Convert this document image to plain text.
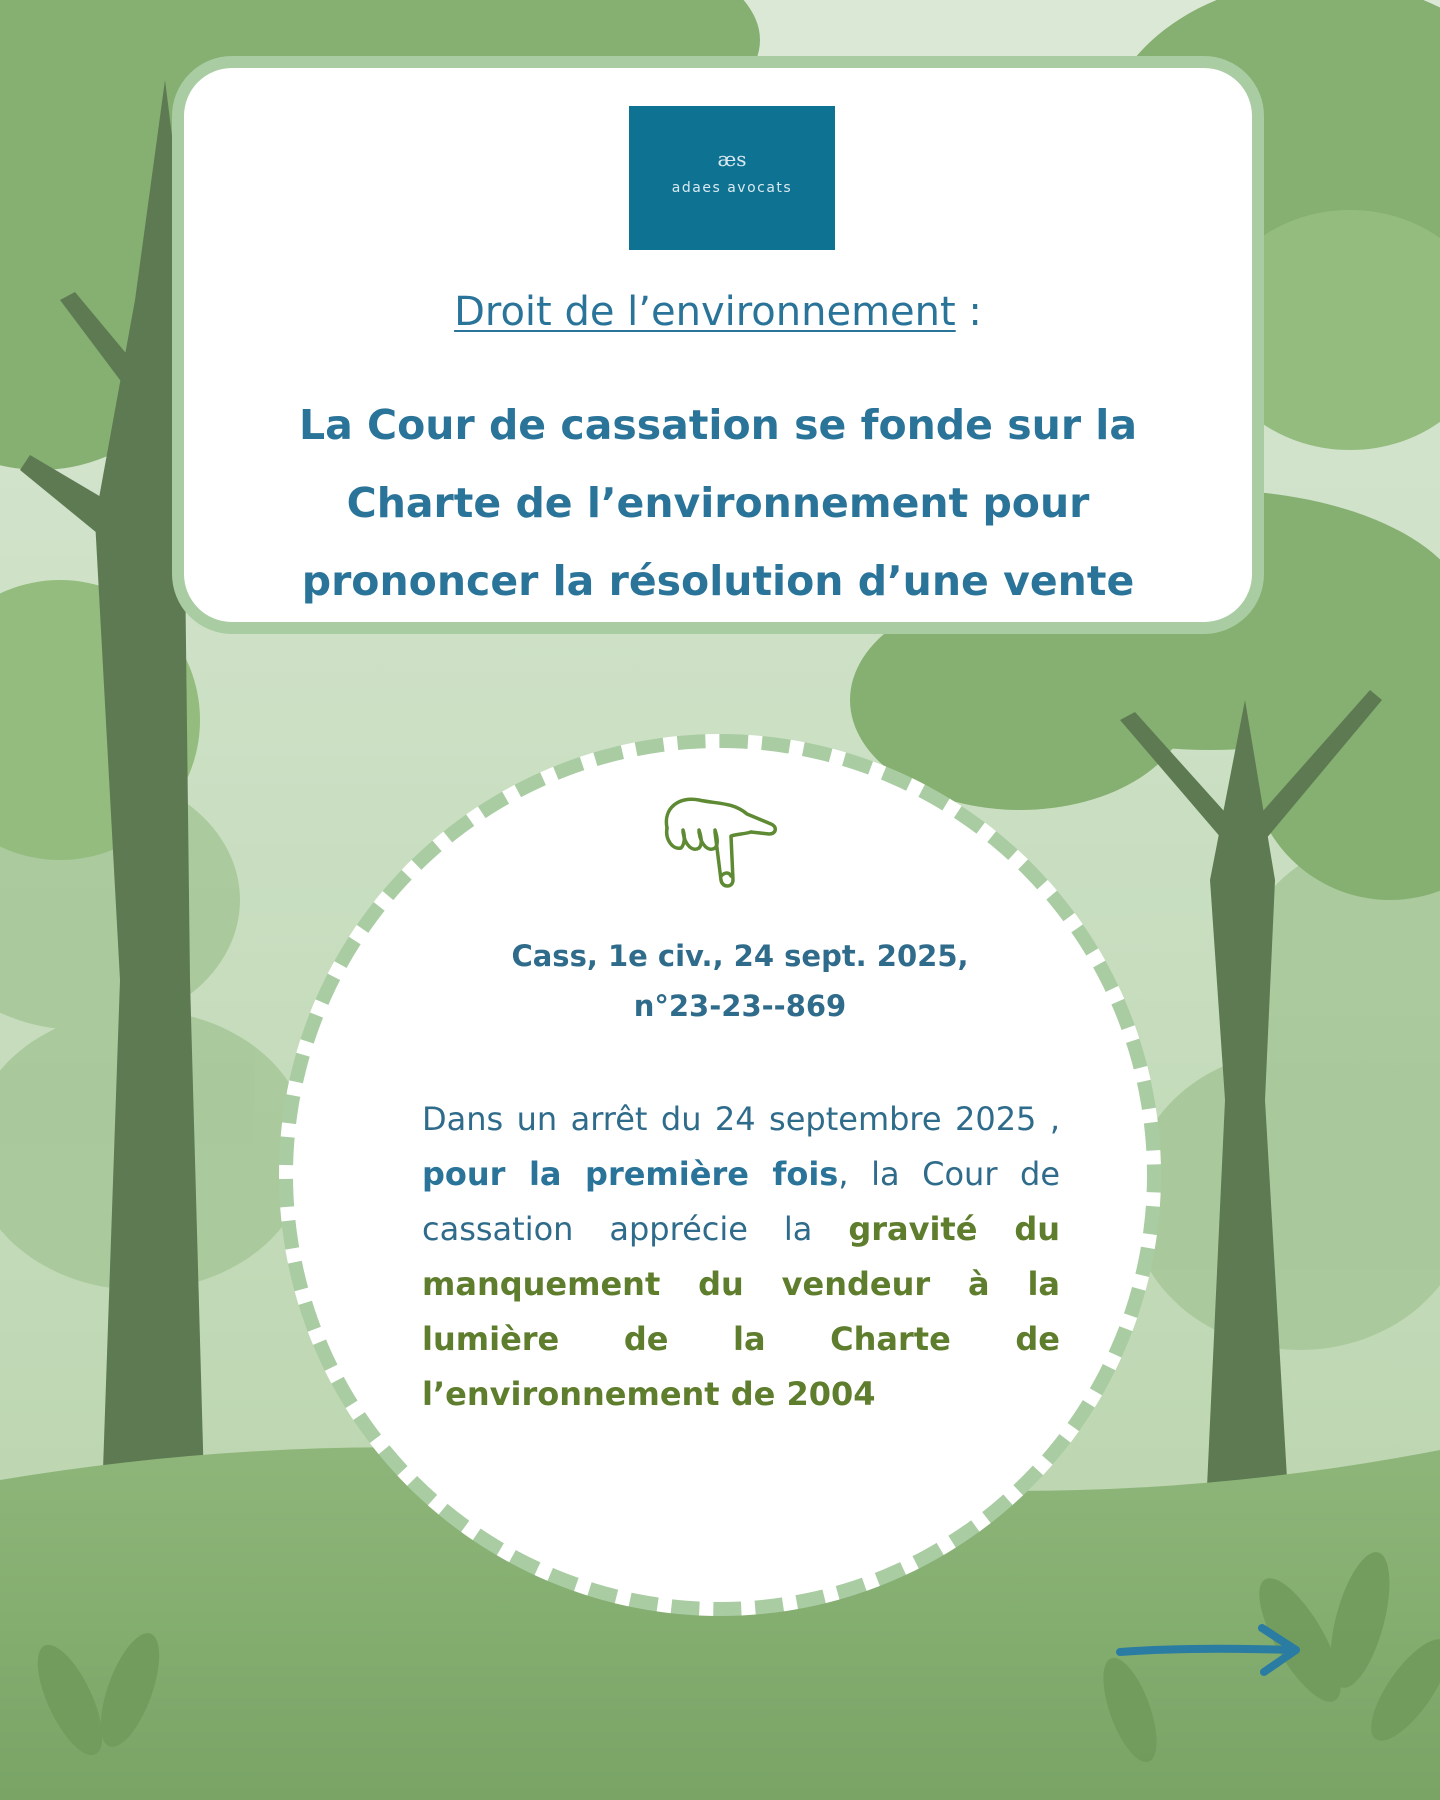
æs
adaes avocats
Droit de l’environnement :
La Cour de cassation se fonde sur la
Charte de l’environnement pour
prononcer la résolution d’une vente
Cass, 1e civ., 24 sept. 2025,
n°23-23--869
Dans un arrêt du 24 septembre 2025 , pour la première fois, la Cour de cassation apprécie la gravité du manquement du vendeur à la lumière de la Charte de l’environnement de 2004
